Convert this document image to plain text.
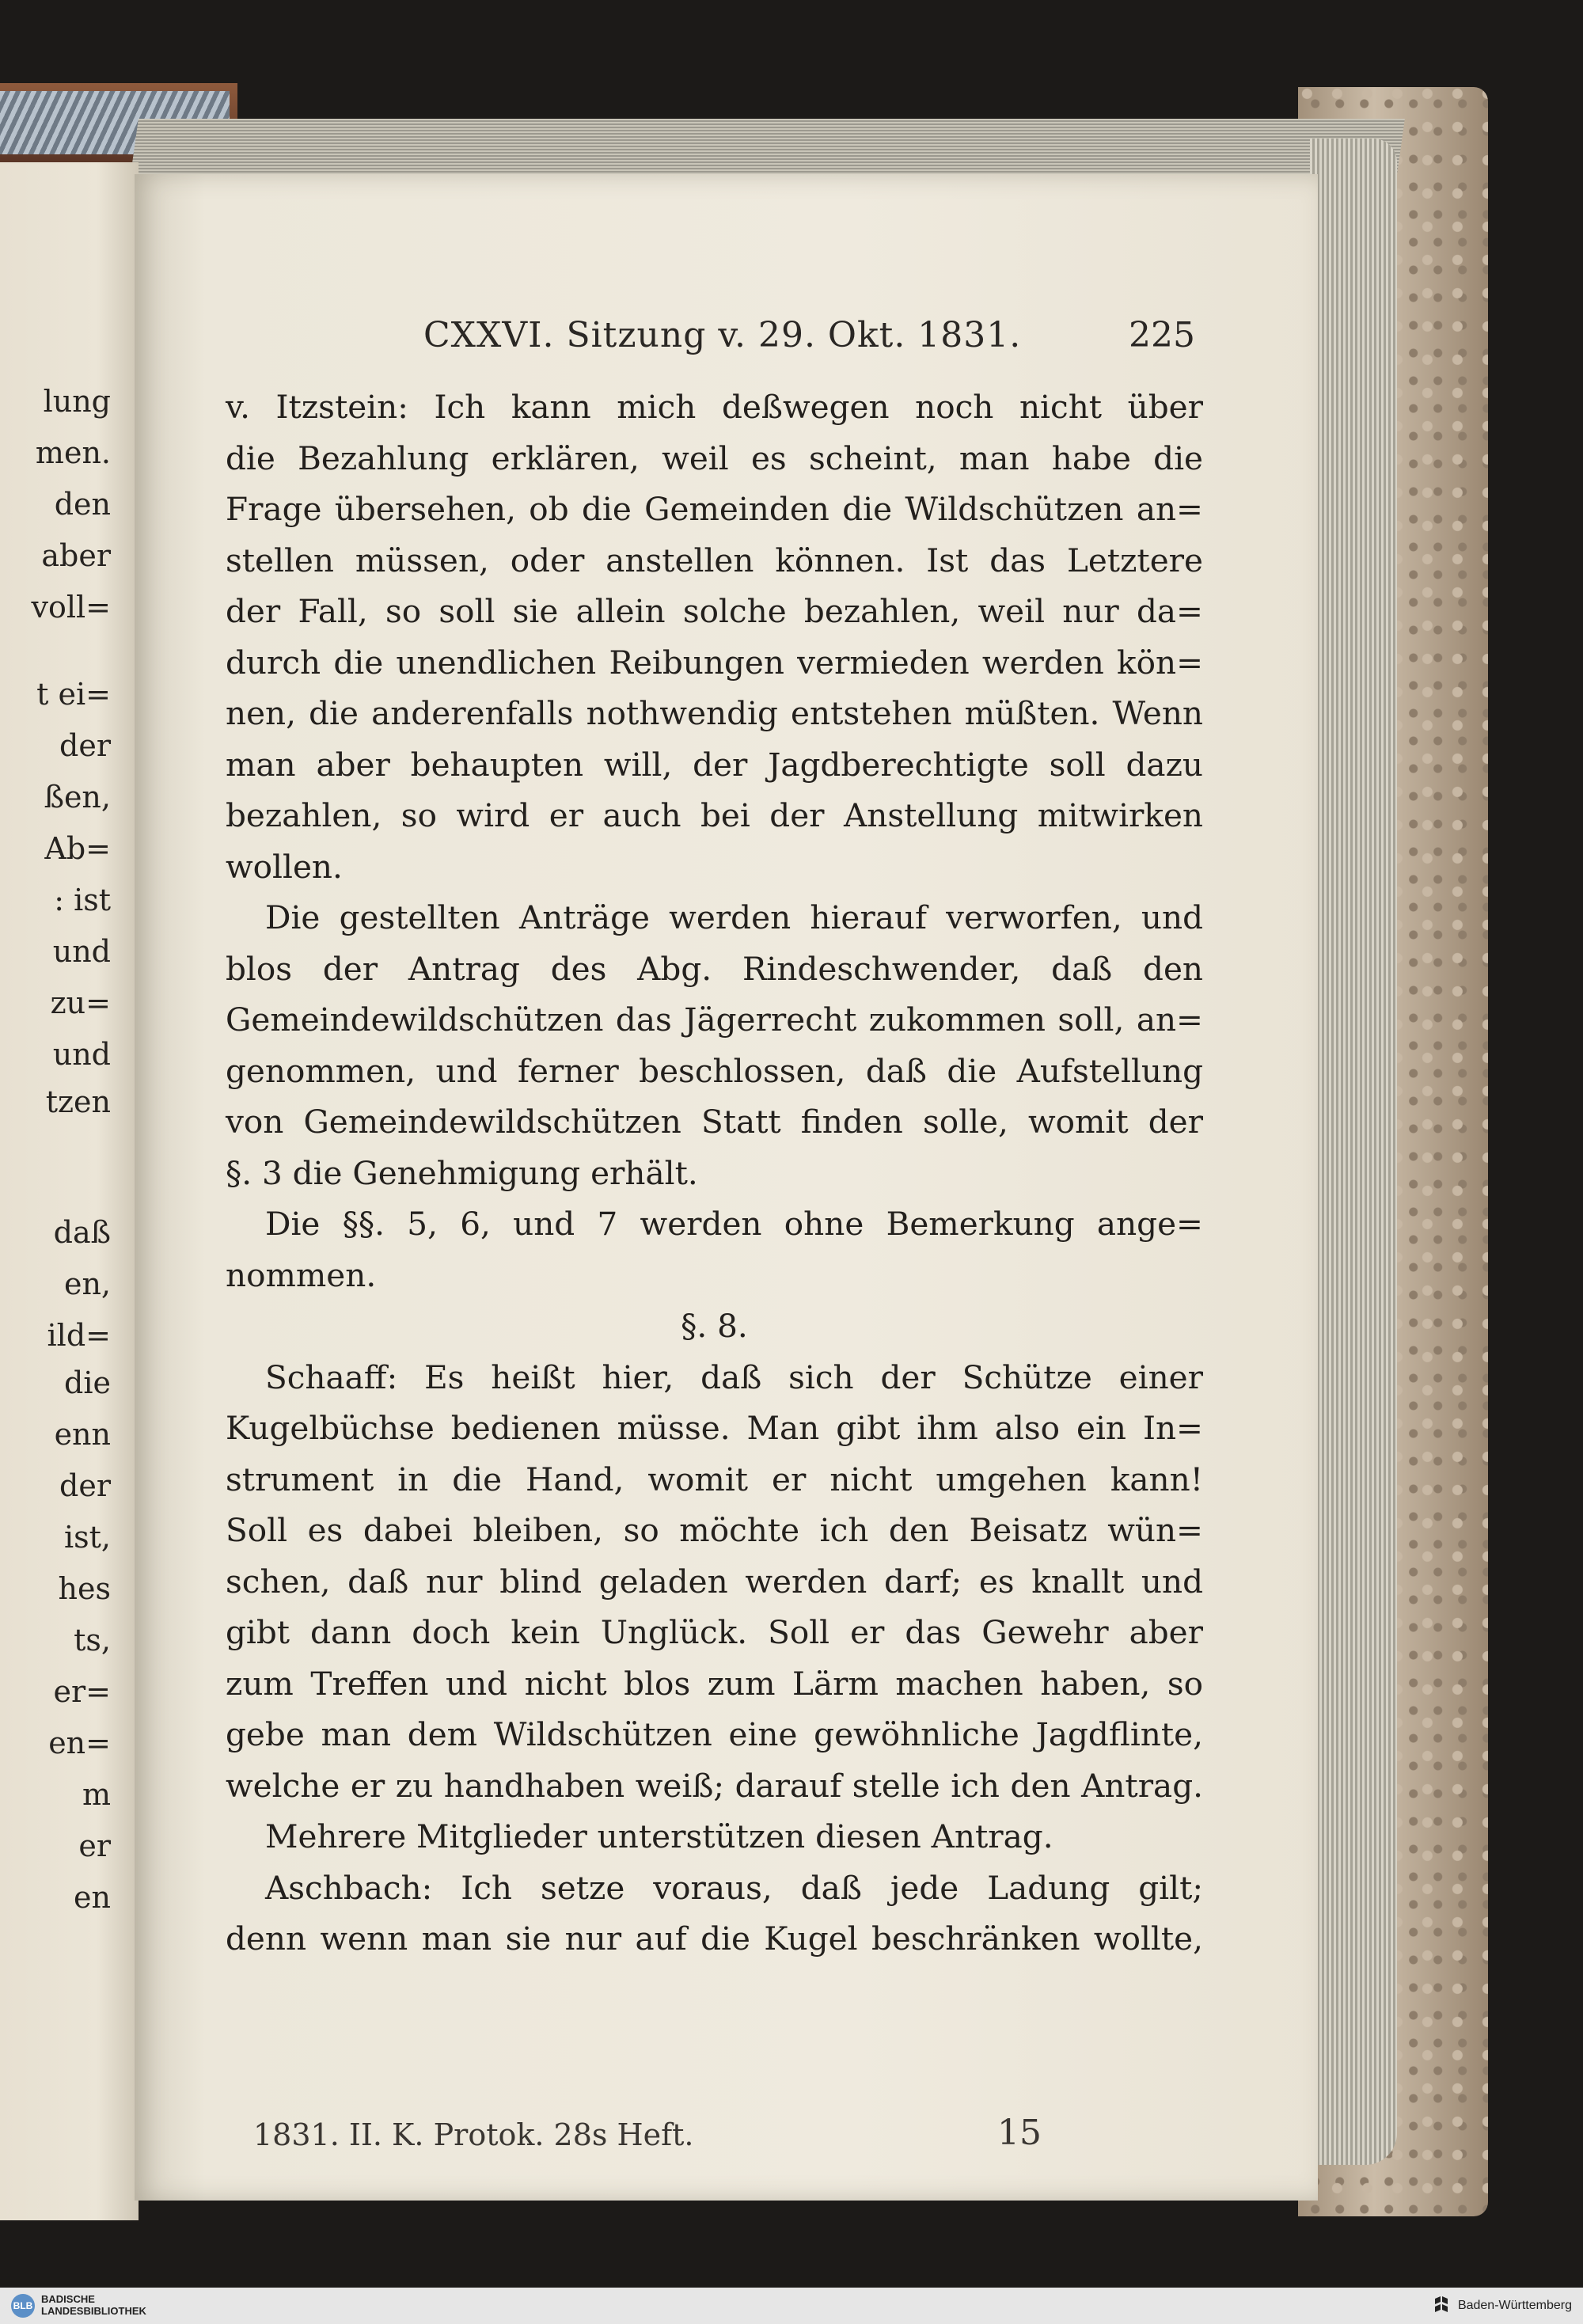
lung
men.
den
aber
voll=
t ei=
der
ßen,
Ab=
: ist
und
zu=
und
tzen
daß
en,
ild=
die
enn
der
ist,
hes
ts,
er=
en=
m
er
en
CXXVI. Sitzung v. 29. Okt. 1831.	225
v. Itzstein: Ich kann mich deßwegen noch nicht über
die Bezahlung erklären, weil es scheint, man habe die
Frage übersehen, ob die Gemeinden die Wildschützen an=
stellen müssen, oder anstellen können. Ist das Letztere
der Fall, so soll sie allein solche bezahlen, weil nur da=
durch die unendlichen Reibungen vermieden werden kön=
nen, die anderenfalls nothwendig entstehen müßten. Wenn
man aber behaupten will, der Jagdberechtigte soll dazu
bezahlen, so wird er auch bei der Anstellung mitwirken
wollen.
Die gestellten Anträge werden hierauf verworfen, und
blos der Antrag des Abg. Rindeschwender, daß den
Gemeindewildschützen das Jägerrecht zukommen soll, an=
genommen, und ferner beschlossen, daß die Aufstellung
von Gemeindewildschützen Statt finden solle, womit der
§. 3 die Genehmigung erhält.
Die §§. 5, 6, und 7 werden ohne Bemerkung ange=
nommen.
§. 8.
Schaaff: Es heißt hier, daß sich der Schütze einer
Kugelbüchse bedienen müsse. Man gibt ihm also ein In=
strument in die Hand, womit er nicht umgehen kann!
Soll es dabei bleiben, so möchte ich den Beisatz wün=
schen, daß nur blind geladen werden darf; es knallt und
gibt dann doch kein Unglück. Soll er das Gewehr aber
zum Treffen und nicht blos zum Lärm machen haben, so
gebe man dem Wildschützen eine gewöhnliche Jagdflinte,
welche er zu handhaben weiß; darauf stelle ich den Antrag.
Mehrere Mitglieder unterstützen diesen Antrag.
Aschbach: Ich setze voraus, daß jede Ladung gilt;
denn wenn man sie nur auf die Kugel beschränken wollte,
1831. II. K. Protok. 28s Heft.	15
BLB
BADISCHE
LANDESBIBLIOTHEK	Baden-Württemberg
